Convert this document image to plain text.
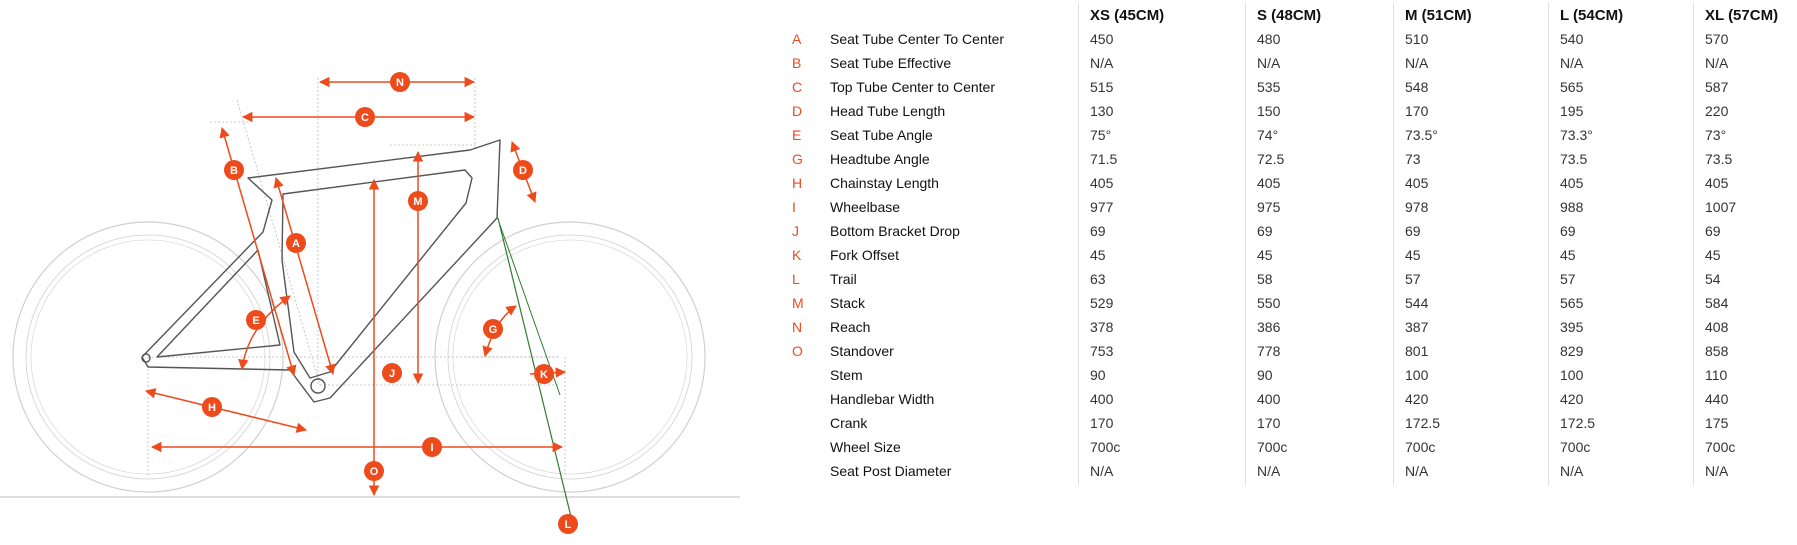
N
C
B
M
D
A
E
G
K
J
H
I
O
L
XS (45CM)	S (48CM)	M (51CM)	L (54CM)	XL (57CM)
A Seat Tube Center To Center	450	480	510	540	570
B Seat Tube Effective	N/A	N/A	N/A	N/A	N/A
C Top Tube Center to Center	515	535	548	565	587
D Head Tube Length	130	150	170	195	220
E Seat Tube Angle	75°	74°	73.5°	73.3°	73°
G Headtube Angle	71.5	72.5	73	73.5	73.5
H Chainstay Length	405	405	405	405	405
I Wheelbase	977	975	978	988	1007
J Bottom Bracket Drop	69	69	69	69	69
K Fork Offset	45	45	45	45	45
L Trail	63	58	57	57	54
M Stack	529	550	544	565	584
N Reach	378	386	387	395	408
O Standover	753	778	801	829	858
Stem	90	90	100	100	110
Handlebar Width	400	400	420	420	440
Crank	170	170	172.5	172.5	175
Wheel Size	700c	700c	700c	700c	700c
Seat Post Diameter	N/A	N/A	N/A	N/A	N/A
